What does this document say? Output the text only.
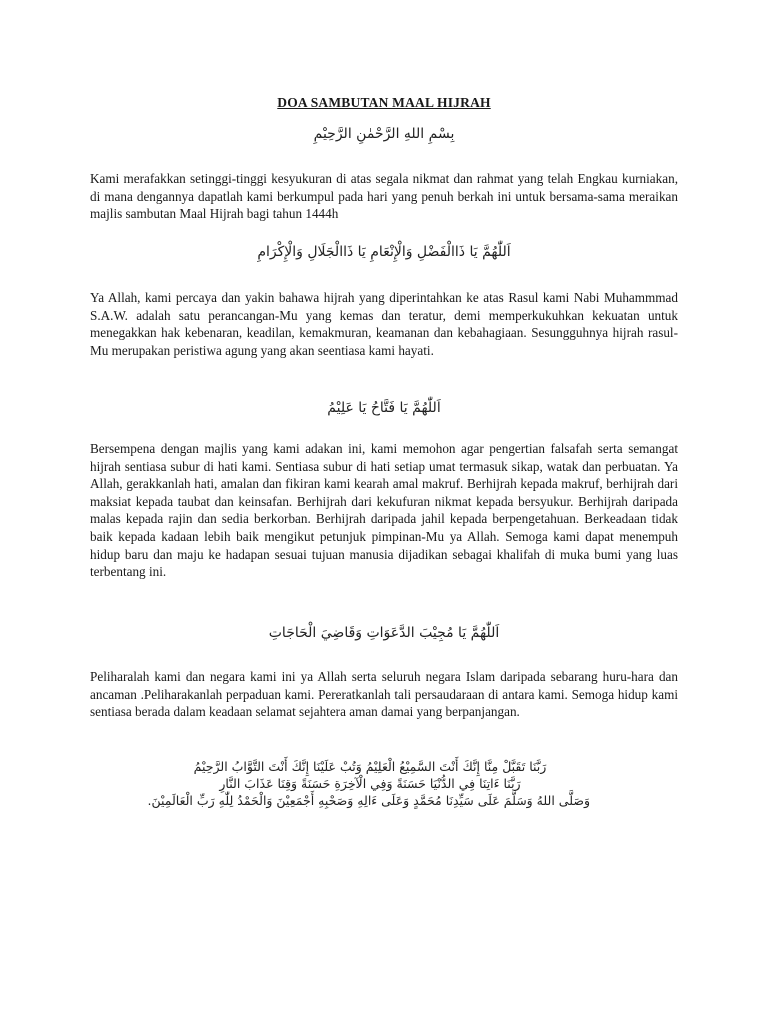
DOA SAMBUTAN MAAL HIJRAH
بِسْمِ اللهِ الرَّحْمٰنِ الرَّحِيْمِ

Kami merafakkan setinggi-tinggi kesyukuran di atas segala nikmat dan rahmat yang telah Engkau kurniakan, di mana dengannya dapatlah kami berkumpul pada hari yang penuh berkah ini untuk bersama-sama meraikan majlis sambutan Maal Hijrah bagi tahun 1444h

اَللّٰهُمَّ يَا ذَاالْفَضْلِ وَالْإِنْعَامِ يَا ذَاالْجَلَالِ وَالْإِكْرَامِ

Ya Allah, kami percaya dan yakin bahawa hijrah yang diperintahkan ke atas Rasul kami Nabi Muhammmad S.A.W. adalah satu perancangan-Mu yang kemas dan teratur, demi memperkukuhkan kekuatan untuk menegakkan hak kebenaran, keadilan, kemakmuran, keamanan dan kebahagiaan. Sesungguhnya hijrah rasul-Mu merupakan peristiwa agung yang akan seentiasa kami hayati.

اَللّٰهُمَّ يَا فَتَّاحُ يَا عَلِيْمُ

Bersempena dengan majlis yang kami adakan ini, kami memohon agar pengertian falsafah serta semangat hijrah sentiasa subur di hati kami. Sentiasa subur di hati setiap umat termasuk sikap, watak dan perbuatan. Ya Allah, gerakkanlah hati, amalan dan fikiran kami kearah amal makruf. Berhijrah kepada makruf, berhijrah dari maksiat kepada taubat dan keinsafan. Berhijrah dari kekufuran nikmat kepada bersyukur. Berhijrah daripada malas kepada rajin dan sedia berkorban. Berhijrah daripada jahil kepada berpengetahuan. Berkeadaan tidak baik kepada kadaan lebih baik mengikut petunjuk pimpinan-Mu ya Allah. Semoga kami dapat menempuh hidup baru dan maju ke hadapan sesuai tujuan manusia dijadikan sebagai khalifah di muka bumi yang luas terbentang ini.

اَللّٰهُمَّ يَا مُجِيْبَ الدَّعَوَاتِ وَقَاضِيَ الْحَاجَاتِ

Peliharalah kami dan negara kami ini ya Allah serta seluruh negara Islam daripada sebarang huru-hara dan ancaman .Peliharakanlah perpaduan kami. Pereratkanlah tali persaudaraan di antara kami. Semoga hidup kami sentiasa berada dalam keadaan selamat sejahtera aman damai yang berpanjangan.

رَبَّنَا تَقَبَّلْ مِنَّا إِنَّكَ أَنْتَ السَّمِيْعُ الْعَلِيْمُ وَتُبْ عَلَيْنَا إِنَّكَ أَنْتَ التَّوَّابُ الرَّحِيْمُ
رَبَّنَا ءَاتِنَا فِي الدُّنْيَا حَسَنَةً وَفِي الْآخِرَةِ حَسَنَةً وَقِنَا عَذَابَ النَّارِ
وَصَلَّى اللهُ وَسَلَّمَ عَلَى سَيِّدِنَا مُحَمَّدٍ وَعَلَى ءَالِهِ وَصَحْبِهِ أَجْمَعِيْنَ وَالْحَمْدُ لِلّٰهِ رَبِّ الْعَالَمِيْنَ.
